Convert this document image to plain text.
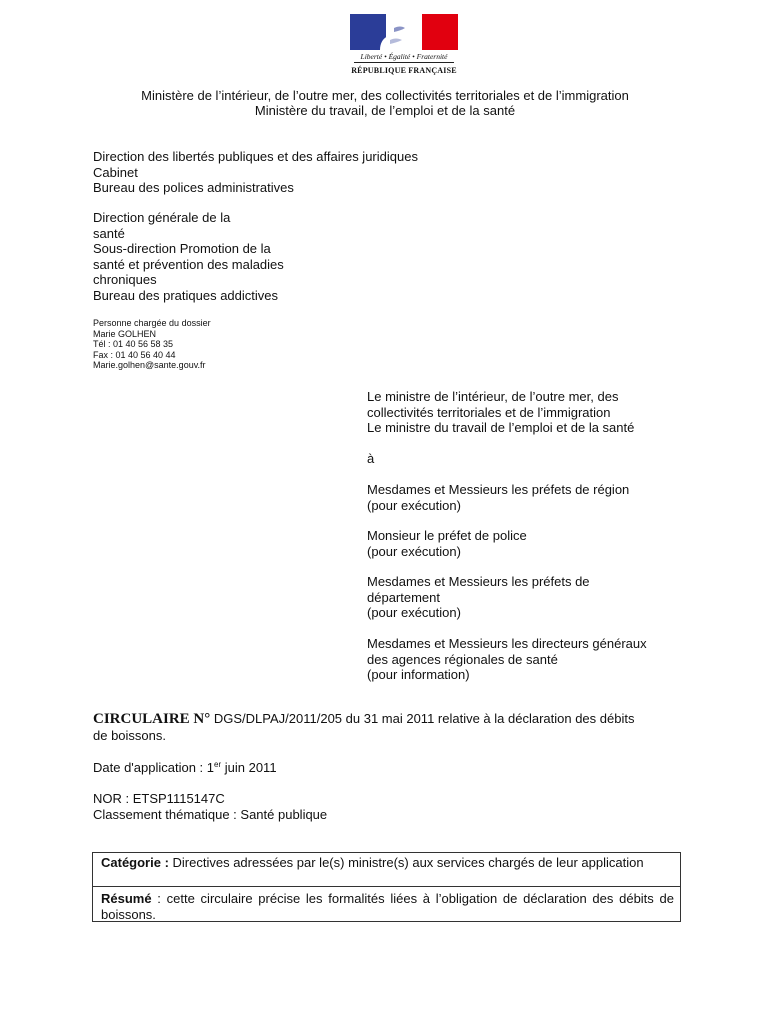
Liberté • Égalité • Fraternité
RÉPUBLIQUE FRANÇAISE
Ministère de l’intérieur, de l’outre mer, des collectivités territoriales et de l’immigration
Ministère du travail, de l’emploi et de la santé
Direction des libertés publiques et des affaires juridiques
Cabinet
Bureau des polices administratives
Direction générale de la
santé
Sous-direction Promotion de la
santé et prévention des maladies
chroniques
Bureau des pratiques addictives
Personne chargée du dossier
Marie GOLHEN
Tél : 01 40 56 58 35
Fax : 01 40 56 40 44
Marie.golhen@sante.gouv.fr
Le ministre de l’intérieur, de l’outre mer, des
collectivités territoriales et de l’immigration
Le ministre du travail de l’emploi et de la santé
à
Mesdames et Messieurs les préfets de région
(pour exécution)
Monsieur le préfet de police
(pour exécution)
Mesdames et Messieurs les préfets de
département
(pour exécution)
Mesdames et Messieurs les directeurs généraux
des agences régionales de santé
(pour information)
CIRCULAIRE N° DGS/DLPAJ/2011/205 du 31 mai 2011 relative à la déclaration des débits
de boissons.
Date d'application : 1er juin 2011
NOR : ETSP1115147C
Classement thématique : Santé publique
Catégorie : Directives adressées par le(s) ministre(s) aux services chargés de leur application
Résumé : cette circulaire précise les formalités liées à l’obligation de déclaration des débits de boissons.
